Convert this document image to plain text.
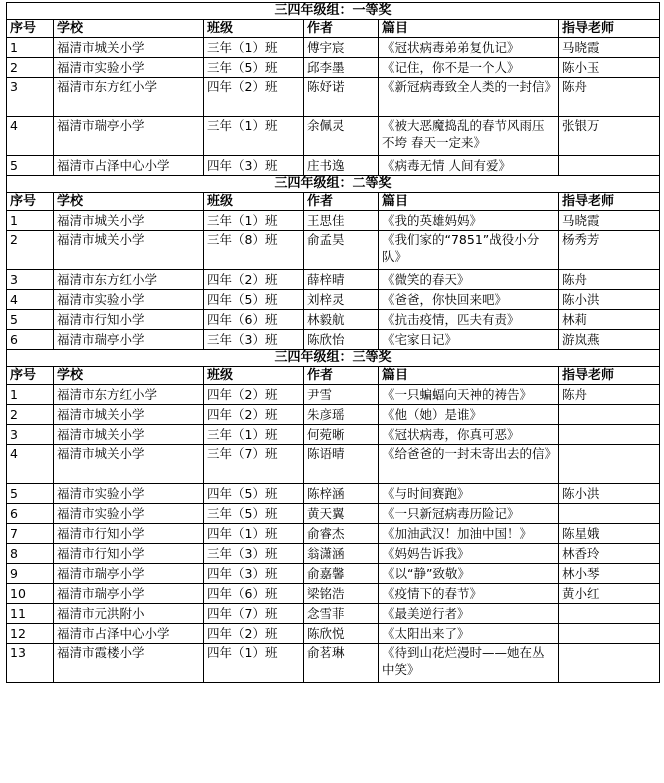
三四年级组：一等奖					
序号	学校	班级	作者	篇目	指导老师
1	福清市城关小学	三年（1）班	傅宇宸	《冠状病毒弟弟复仇记》	马晓霞
2	福清市实验小学	三年（5）班	邱李墨	《记住，你不是一个人》	陈小玉
3	福清市东方红小学	四年（2）班	陈妤诺	《新冠病毒致全人类的一封信》	陈舟
4	福清市瑞亭小学	三年（1）班	余佩灵	《被大恶魔捣乱的春节风雨压不垮 春天一定来》	张银万
5	福清市占泽中心小学	四年（3）班	庄书逸	《病毒无情 人间有爱》	
三四年级组：二等奖					
序号	学校	班级	作者	篇目	指导老师
1	福清市城关小学	三年（1）班	王思佳	《我的英雄妈妈》	马晓霞
2	福清市城关小学	三年（8）班	俞孟昊	《我们家的“7851”战役小分队》	杨秀芳
3	福清市东方红小学	四年（2）班	薛梓晴	《微笑的春天》	陈舟
4	福清市实验小学	四年（5）班	刘梓灵	《爸爸，你快回来吧》	陈小洪
5	福清市行知小学	四年（6）班	林毅航	《抗击疫情，匹夫有责》	林莉
6	福清市瑞亭小学	三年（3）班	陈欣怡	《宅家日记》	游岚燕
三四年级组：三等奖					
序号	学校	班级	作者	篇目	指导老师
1	福清市东方红小学	四年（2）班	尹雪	《一只蝙蝠向天神的祷告》	陈舟
2	福清市城关小学	四年（2）班	朱彦瑶	《他（她）是谁》	
3	福清市城关小学	三年（1）班	何菀晰	《冠状病毒，你真可恶》	
4	福清市城关小学	三年（7）班	陈语晴	《给爸爸的一封未寄出去的信》	
5	福清市实验小学	四年（5）班	陈梓涵	《与时间赛跑》	陈小洪
6	福清市实验小学	三年（5）班	黄天翼	《一只新冠病毒历险记》	
7	福清市行知小学	四年（1）班	俞睿杰	《加油武汉！加油中国！》	陈星娥
8	福清市行知小学	三年（3）班	翁潇涵	《妈妈告诉我》	林香玲
9	福清市瑞亭小学	四年（3）班	俞嘉馨	《以“静”致敬》	林小琴
10	福清市瑞亭小学	四年（6）班	梁铭浩	《疫情下的春节》	黄小红
11	福清市元洪附小	四年（7）班	念雪菲	《最美逆行者》	
12	福清市占泽中心小学	四年（2）班	陈欣悦	《太阳出来了》	
13	福清市霞楼小学	四年（1）班	俞茗琳	《待到山花烂漫时——她在丛中笑》	
